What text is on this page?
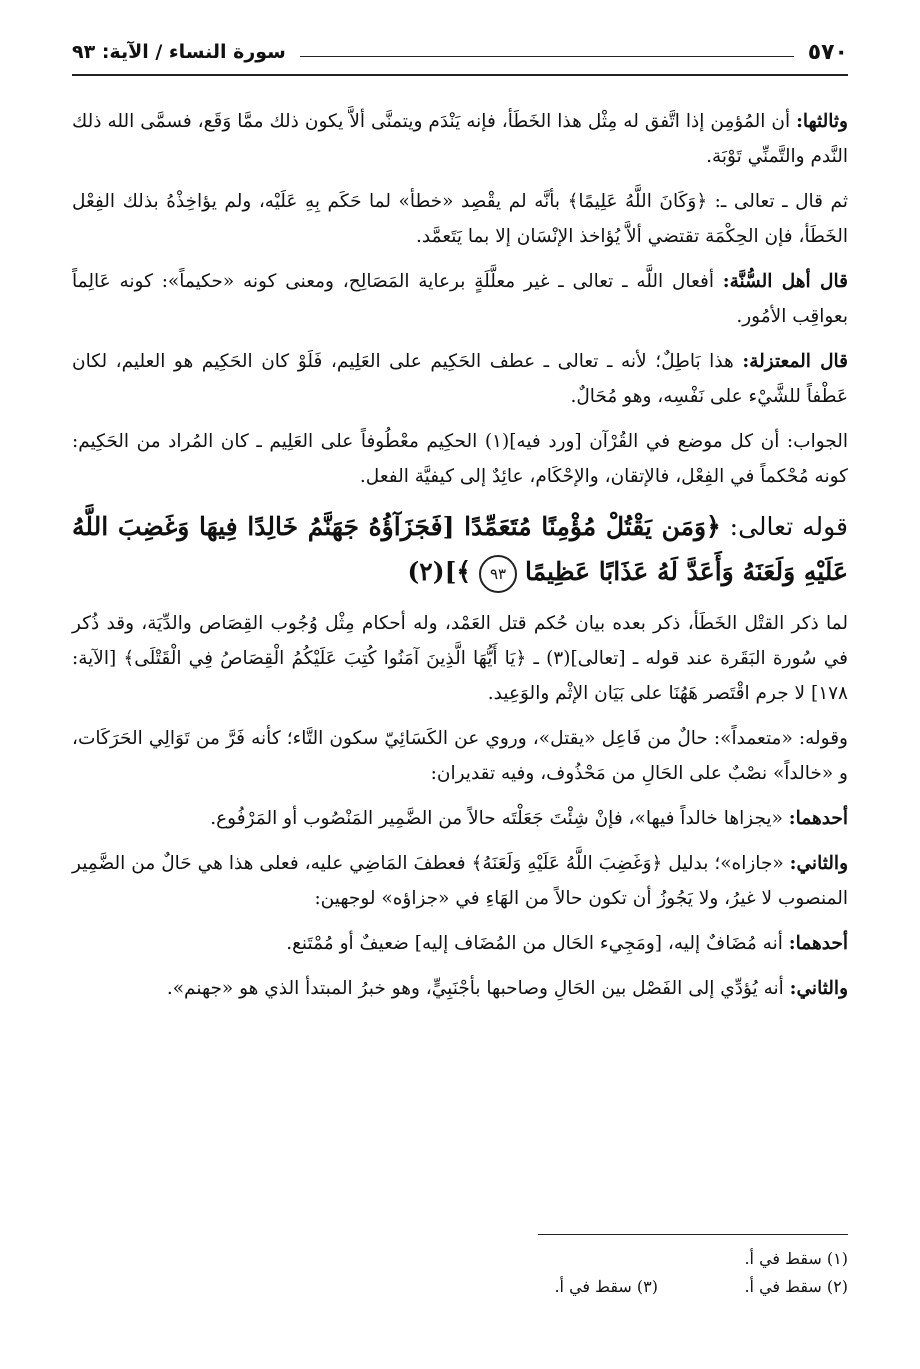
٥٧٠
سورة النساء / الآية: ٩٣

وثالثها: أن المُؤمِن إذا اتَّفق له مِثْل هذا الخَطَأ، فإنه يَنْدَم ويتمنَّى ألاَّ يكون ذلك ممَّا وَقَع، فسمَّى الله ذلك النَّدم والتَّمنِّي تَوْبَة.

ثم قال ـ تعالى ـ: ﴿وَكَانَ اللَّهُ عَلِيمًا﴾ بأنَّه لم يقْصِد «خطأ» لما حَكَم بِهِ عَلَيْه، ولم يؤاخِذْهُ بذلك الفِعْل الخَطَأ، فإن الحِكْمَة تقتضي ألاَّ يُؤاخذ الإنْسَان إلا بما يَتَعمَّد.

قال أهل السُّنَّة: أفعال اللَّه ـ تعالى ـ غير معلَّلَةٍ برعاية المَصَالِح، ومعنى كونه «حكيماً»: كونه عَالِماً بعواقِب الأمُور.

قال المعتزلة: هذا بَاطِلٌ؛ لأنه ـ تعالى ـ عطف الحَكِيم على العَلِيم، فَلَوْ كان الحَكِيم هو العليم، لكان عَطْفاً للشَّيْء على نَفْسِه، وهو مُحَالٌ.

الجواب: أن كل موضع في القُرْآن [ورد فيه](١) الحكِيم معْطُوفاً على العَلِيم ـ كان المُراد من الحَكِيم: كونه مُحْكماً في الفِعْل، فالإتقان، والإحْكَام، عائِدٌ إلى كيفيَّة الفعل.

قوله تعالى: ﴿وَمَن يَقْتُلْ مُؤْمِنًا مُتَعَمِّدًا [فَجَزَآؤُهُ جَهَنَّمُ خَالِدًا فِيهَا وَغَضِبَ اللَّهُ عَلَيْهِ وَلَعَنَهُ وَأَعَدَّ لَهُ عَذَابًا عَظِيمًا ٩٣ ﴾](٢)

لما ذكر القتْل الخَطَأ، ذكر بعده بيان حُكم قتل العَمْد، وله أحكام مِثْل وُجُوب القِصَاص والدِّيَة، وقد ذُكر في سُورة البَقَرة عند قوله ـ [تعالى](٣) ـ ﴿يَا أَيُّهَا الَّذِينَ آمَنُوا كُتِبَ عَلَيْكُمُ الْقِصَاصُ فِي الْقَتْلَى﴾ [الآية: ١٧٨] لا جرم اقْتَصر هَهُنَا على بَيَان الإثْم والوَعِيد.

وقوله: «متعمداً»: حالٌ من فَاعِل «يقتل»، وروي عن الكَسَائِيّ سكون التَّاء؛ كأنه فَرَّ من تَوَالِي الحَرَكَات، و «خالداً» نصْبٌ على الحَالِ من مَحْذُوف، وفيه تقديران:

أحدهما: «يجزاها خالداً فيها»، فإنْ شِئْتَ جَعَلْتَه حالاً من الضَّمِير المَنْصُوب أو المَرْفُوع.

والثاني: «جازاه»؛ بدليل ﴿وَغَضِبَ اللَّهُ عَلَيْهِ وَلَعَنَهُ﴾ فعطفَ المَاضِي عليه، فعلى هذا هي حَالٌ من الضَّمِير المنصوب لا غيرُ، ولا يَجُوزُ أن تكون حالاً من الهَاءِ في «جزاؤه» لوجهين:

أحدهما: أنه مُضَافٌ إليه، [ومَجِيء الحَال من المُضَاف إليه] ضعيفٌ أو مُمْتَنع.

والثاني: أنه يُؤدِّي إلى الفَصْل بين الحَالِ وصاحبها بأجْنَبِيٍّ، وهو خبرُ المبتدأ الذي هو «جهنم».

(١) سقط في أ.
(٢) سقط في أ.
(٣) سقط في أ.
